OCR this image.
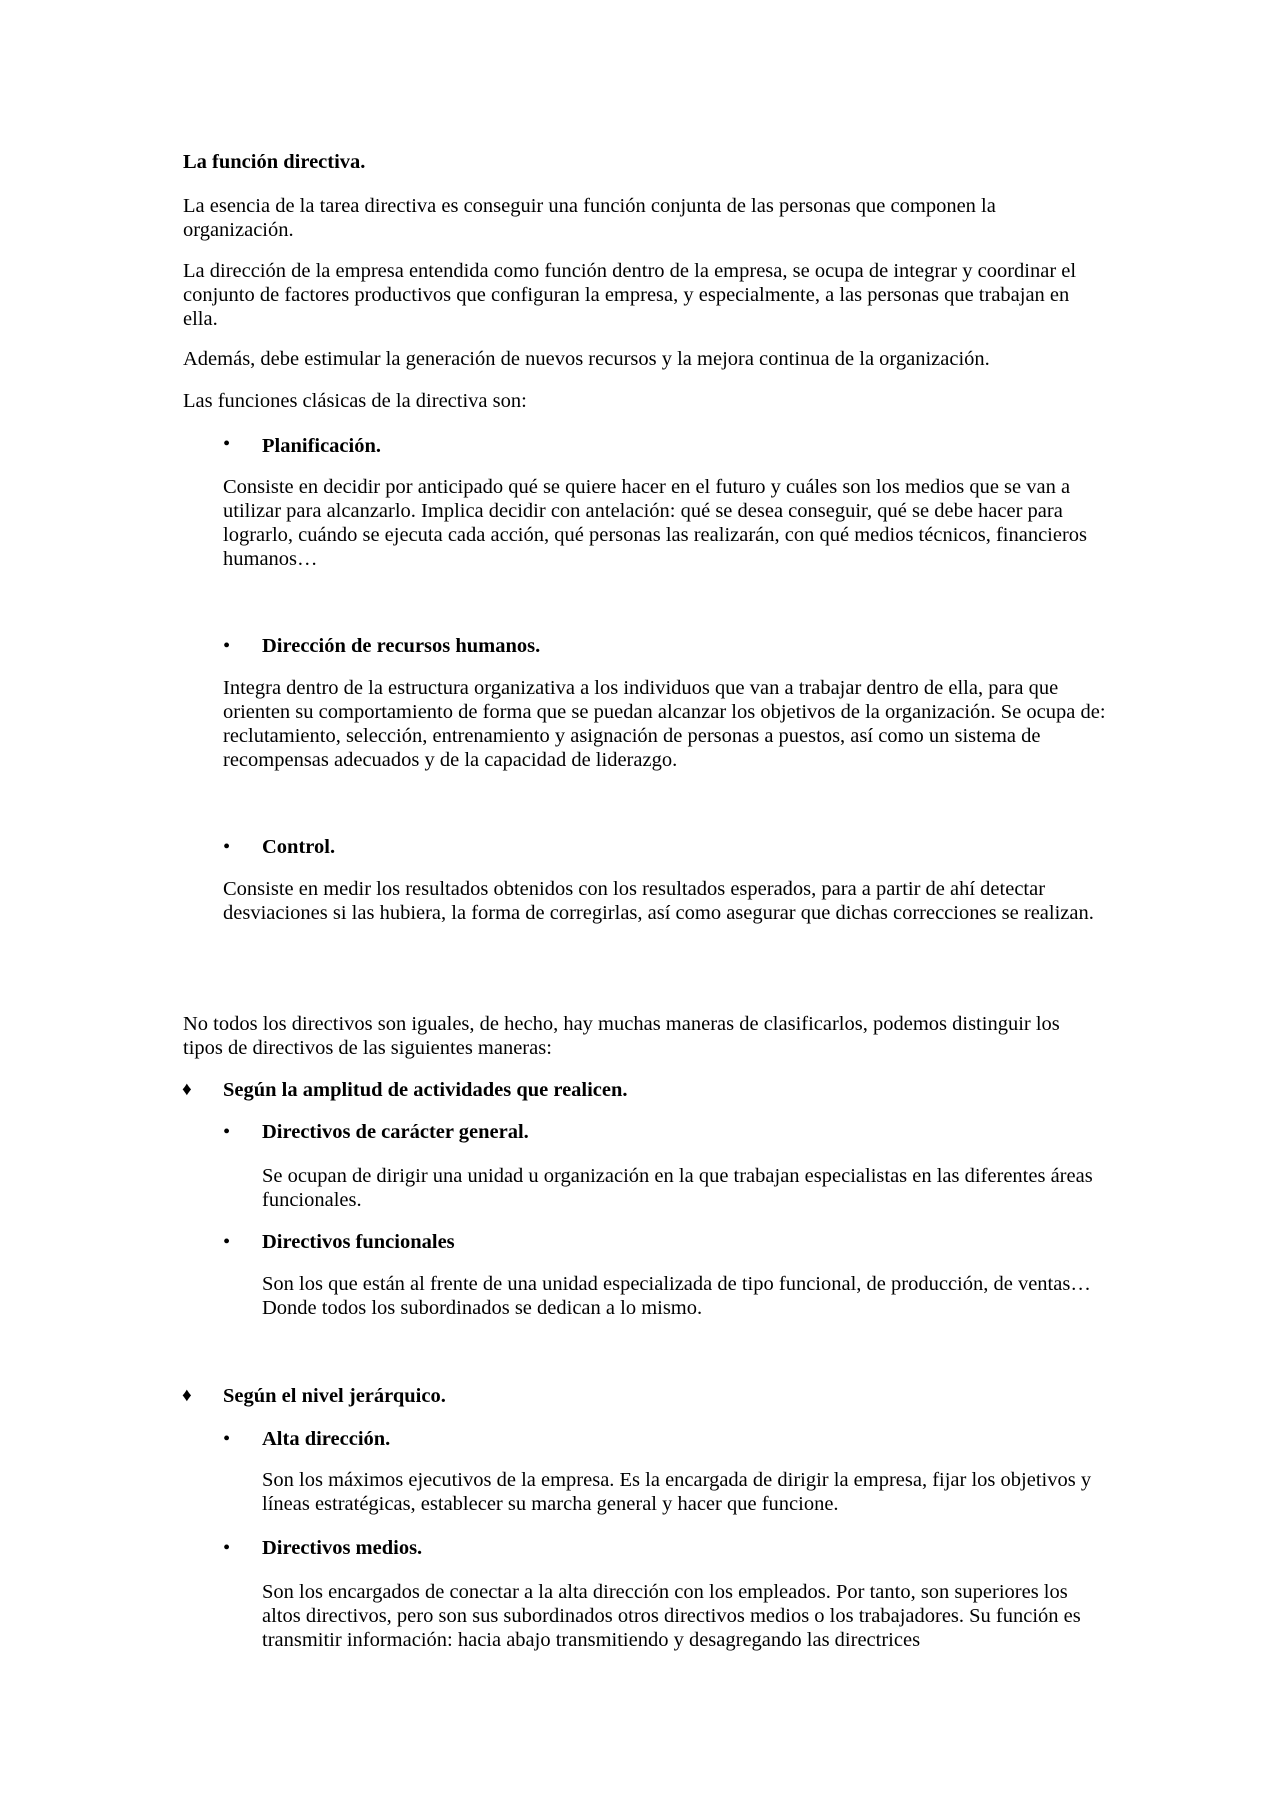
La función directiva.

La esencia de la tarea directiva es conseguir una función conjunta de las personas que componen la organización.

La dirección de la empresa entendida como función dentro de la empresa, se ocupa de integrar y coordinar el conjunto de factores productivos que configuran la empresa, y especialmente, a las personas que trabajan en ella.

Además, debe estimular la generación de nuevos recursos y la mejora continua de la organización.

Las funciones clásicas de la directiva son:

• Planificación.

Consiste en decidir por anticipado qué se quiere hacer en el futuro y cuáles son los medios que se van a utilizar para alcanzarlo. Implica decidir con antelación: qué se desea conseguir, qué se debe hacer para lograrlo, cuándo se ejecuta cada acción, qué personas las realizarán, con qué medios técnicos, financieros humanos…

• Dirección de recursos humanos.

Integra dentro de la estructura organizativa a los individuos que van a trabajar dentro de ella, para que orienten su comportamiento de forma que se puedan alcanzar los objetivos de la organización. Se ocupa de: reclutamiento, selección, entrenamiento y asignación de personas a puestos, así como un sistema de recompensas adecuados y de la capacidad de liderazgo.

• Control.

Consiste en medir los resultados obtenidos con los resultados esperados, para a partir de ahí detectar desviaciones si las hubiera, la forma de corregirlas, así como asegurar que dichas correcciones se realizan.

No todos los directivos son iguales, de hecho, hay muchas maneras de clasificarlos, podemos distinguir los tipos de directivos de las siguientes maneras:

♦ Según la amplitud de actividades que realicen.

• Directivos de carácter general.

Se ocupan de dirigir una unidad u organización en la que trabajan especialistas en las diferentes áreas funcionales.

• Directivos funcionales

Son los que están al frente de una unidad especializada de tipo funcional, de producción, de ventas… Donde todos los subordinados se dedican a lo mismo.

♦ Según el nivel jerárquico.

• Alta dirección.

Son los máximos ejecutivos de la empresa. Es la encargada de dirigir la empresa, fijar los objetivos y líneas estratégicas, establecer su marcha general y hacer que funcione.

• Directivos medios.

Son los encargados de conectar a la alta dirección con los empleados. Por tanto, son superiores los altos directivos, pero son sus subordinados otros directivos medios o los trabajadores. Su función es transmitir información: hacia abajo transmitiendo y desagregando las directrices
